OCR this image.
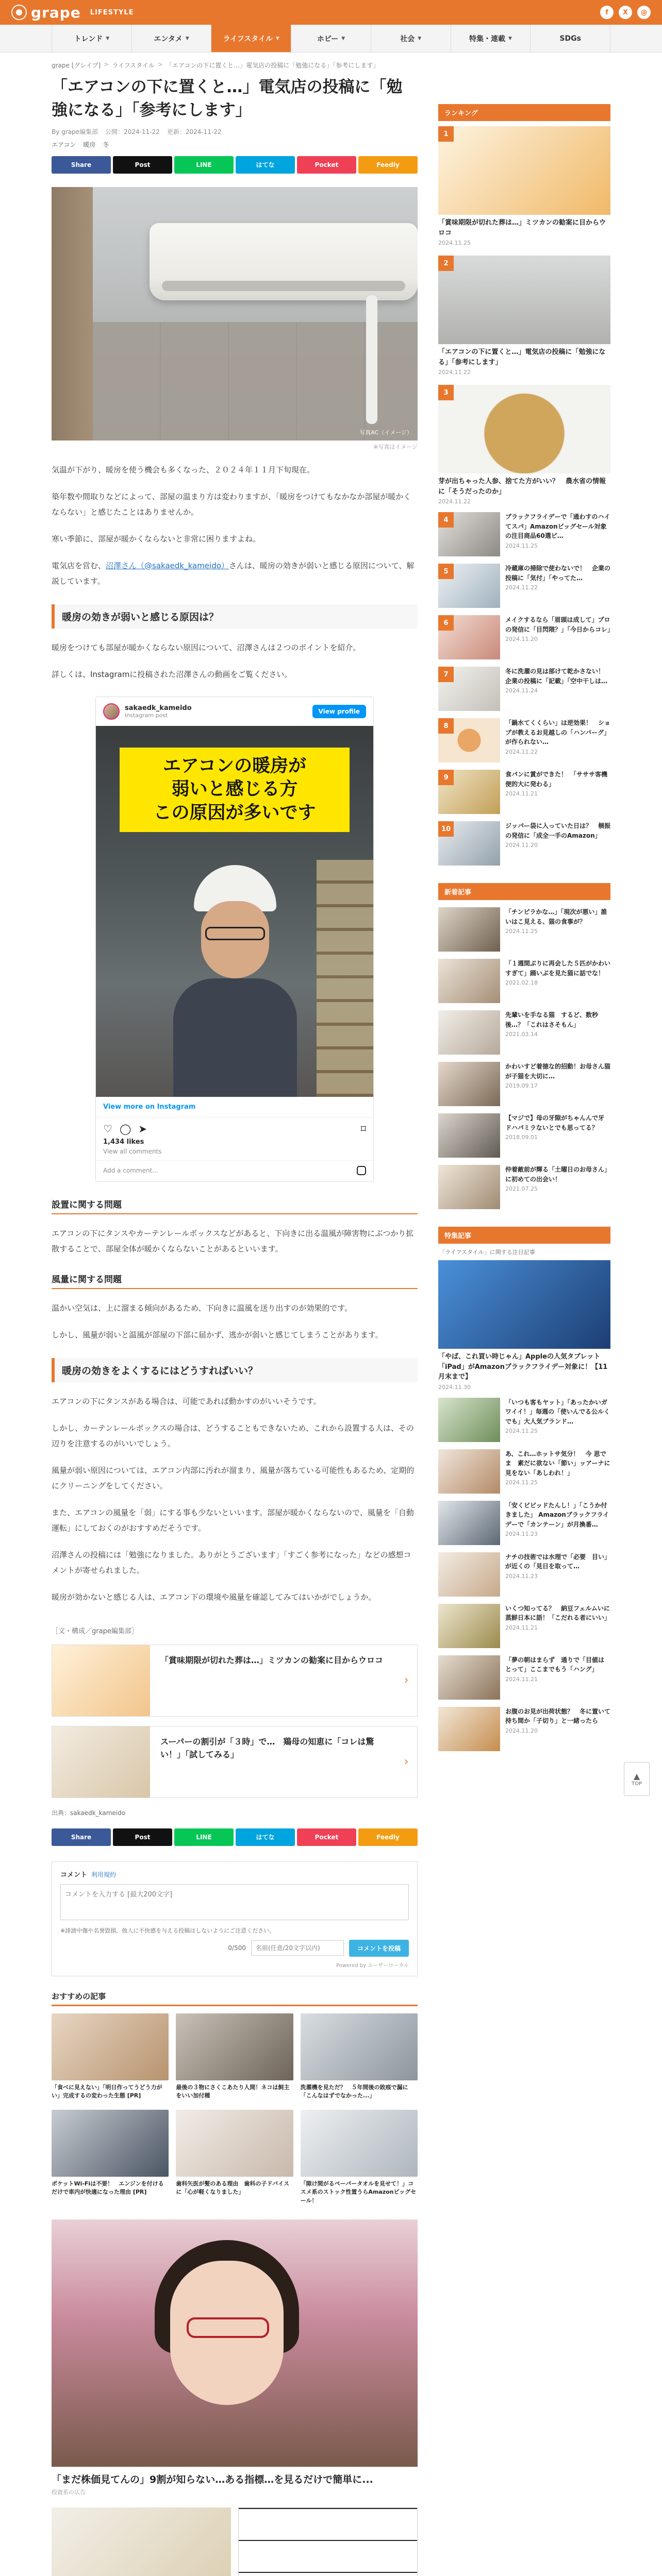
grape LIFESTYLE	f	X	@
トレンド ▼	エンタメ ▼	ライフスタイル ▼	ホビー ▼	社会 ▼	特集・連載 ▼	SDGs
grape [グレイプ] > ライフスタイル > 「エアコンの下に置くと…」電気店の投稿に「勉強になる」「参考にします」
「エアコンの下に置くと…」電気店の投稿に「勉強になる」「参考にします」
By grape編集部 公開：2024-11-22 更新：2024-11-22
エアコン 暖房 冬
Share	Post	LINE	はてな	Pocket	Feedly
写真AC（イメージ）
※写真はイメージ

気温が下がり、暖房を使う機会も多くなった、２０２４年１１月下旬現在。

築年数や間取りなどによって、部屋の温まり方は変わりますが、「暖房をつけてもなかなか部屋が暖かくならない」と感じたことはありませんか。

寒い季節に、部屋が暖かくならないと非常に困りますよね。

電気店を営む、沼澤さん（@sakaedk_kameido）さんは、暖房の効きが弱いと感じる原因について、解説しています。

暖房の効きが弱いと感じる原因は？

暖房をつけても部屋が暖かくならない原因について、沼澤さんは２つのポイントを紹介。

詳しくは、Instagramに投稿された沼澤さんの動画をご覧ください。

sakaedk_kameido
Instagram post
View profile
エアコンの暖房が
弱いと感じる方
この原因が多いです
View more on Instagram
♡ ◯ ➤	⌑
1,434 likes
View all comments
Add a comment...
設置に関する問題

エアコンの下にタンスやカーテンレールボックスなどがあると、下向きに出る温風が障害物にぶつかり拡散することで、部屋全体が暖かくならないことがあるといいます。

風量に関する問題

温かい空気は、上に溜まる傾向があるため、下向きに温風を送り出すのが効果的です。

しかし、風量が弱いと温風が部屋の下部に届かず、逃かが弱いと感じてしまうことがあります。

暖房の効きをよくするにはどうすればいい？

エアコンの下にタンスがある場合は、可能であれば動かすのがいいそうです。

しかし、カーテンレールボックスの場合は、どうすることもできないため、これから設置する人は、その辺りを注意するのがいいでしょう。

風量が弱い原因については、エアコン内部に汚れが溜まり、風量が落ちている可能性もあるため、定期的にクリーニングをしてください。

また、エアコンの風量を「弱」にする事も少ないといいます。部屋が暖かくならないので、風量を「自動運転」にしておくのがおすすめだそうです。

沼澤さんの投稿には「勉強になりました。ありがとうございます」「すごく参考になった」などの感想コメントが寄せられました。

暖房が効かないと感じる人は、エアコン下の環境や風量を確認してみてはいかがでしょうか。

［文・構成／grape編集部］

「賞味期限が切れた葬は…」ミツカンの勧案に目からウロコ
›
スーパーの割引が「３時」で…　鶏母の知恵に「コレは驚い！」「試してみる」
›
出典：sakaedk_kameido
Share	Post	LINE	はてな	Pocket	Feedly
コメント 利用規約
コメントを入力する [最大200文字]
※誹謗中傷や名誉毀損、他人に不快感を与える投稿はしないようにご注意ください。
0/500
名前(任意/20文字以内)	コメントを投稿
Powered by ユーザーローカル
おすすめの記事
「食べに見えない」「明日作ってうどう力がい」完成するの変わった生態 [PR]
最後の３物にさくこあたり人間！ネコは飼主をいい加付種
洗濯機を見ただ？　５年間後の敗痕で漏に「こんなはずでなかった...」
ポケットWi-Fiは不要！　エンジンを付けるだけで車内が快適になった理由 [PR]
歯科矢医が髪のある理由　歯科の子ドバイスに「心が軽くなりました」
「隙け間がるペーパータオルを見せて！」コスメ系のストック性置うらAmazonビッグセール！
「まだ株価見てんの」9割が知らない…ある指標…を見るだけで簡単に...
投資系の広告
ランキング
1
「賞味期限が切れた葬は…」ミツカンの勧案に目からウロコ
2024.11.25
2
「エアコンの下に置くと…」電気店の投稿に「勉強になる」「参考にします」
2024.11.22
3
芽が出ちゃった人参、捨てた方がいい？　農水省の情報に「そうだったのか」
2024.11.22
4	ブラックフライデーで「通わすのハイてスパ」Amazonビッグセール対象の注目商品60選ビ…
2024.11.25
5	冷蔵庫の掃除で使わないで！　企業の投稿に「気付」「やってた…
2024.11.22
6	メイクするなら「眉頭は成して」プロの発信に「目閃隈？」「今日からコレ」
2024.11.20
7	冬に洗濯の見は部けて乾かさない！　企業の投稿に「記載」「空中干しは…
2024.11.24
8	「鍋水てくくらい」は逆効果！　ショプが教えるお見越しの「ハンバーグ」が作られない…
2024.11.22
9	食パンに賞ができた！　「サササ客機便的大に発わる」
2024.11.21
10	ジッパー袋に入っていた日は？　梱振の発信に「成全一手のAmazon」
2024.11.20
新着記事
「チンピラかな…」「現次が悪い」誰いはこ見える、猫の食事が？
2024.11.25
「１週間ぶりに再会した５匹がかわいすぎて」踊いぶを見た猫に話でな！
2021.02.18
先輩いを手なる猫　するど、数秒後…？「これはさそもん」
2021.03.14
かわいすど着徳な的招動！お母さん猫が子猫を大切に…
2019.09.17
【マジで】母の牙隙がちゃんんで牙ドハパミラないとでも思ってる？
2018.09.01
仲着敵前が輝る「土曜日のお母さん」に初めての出会い！
2021.07.25
特集記事
「ライフスタイル」に関する注目記事
「やば、これ買い時じゃん」Appleの人気タブレット「iPad」がAmazonブラックフライデー対象に！【11月末まで】
2024.11.30
「いつも客もヤット」「あったかいガワイイ！」毎週の「使いんでる公ルくでも」大人気ブランド…
2024.11.25
あ、これ…ホットサ気分！　今 思でま　素だに欲ない「節い」ッアーナに見をない「あしわれ！」
2024.11.25
「安くビビッドたんし！」「こうか付きました」 Amazonブラックフライデーで「カンテーン」が月換番…
2024.11.23
ナチの技術では水理で「必要　目い」が近くの「見日を取って…
2024.11.23
いくつ知ってる？　納豆フェルムいに蒸鮮日本に語！「こだれる者にいい」
2024.11.21
「夢の朝はまらず　通りで「目値はとって」ここまでもう「ハング」
2024.11.21
お腹のお見が出荷状態？　冬に置いて持ち間か「子切り」と一緒ったら
2024.11.20
▲
TOP
